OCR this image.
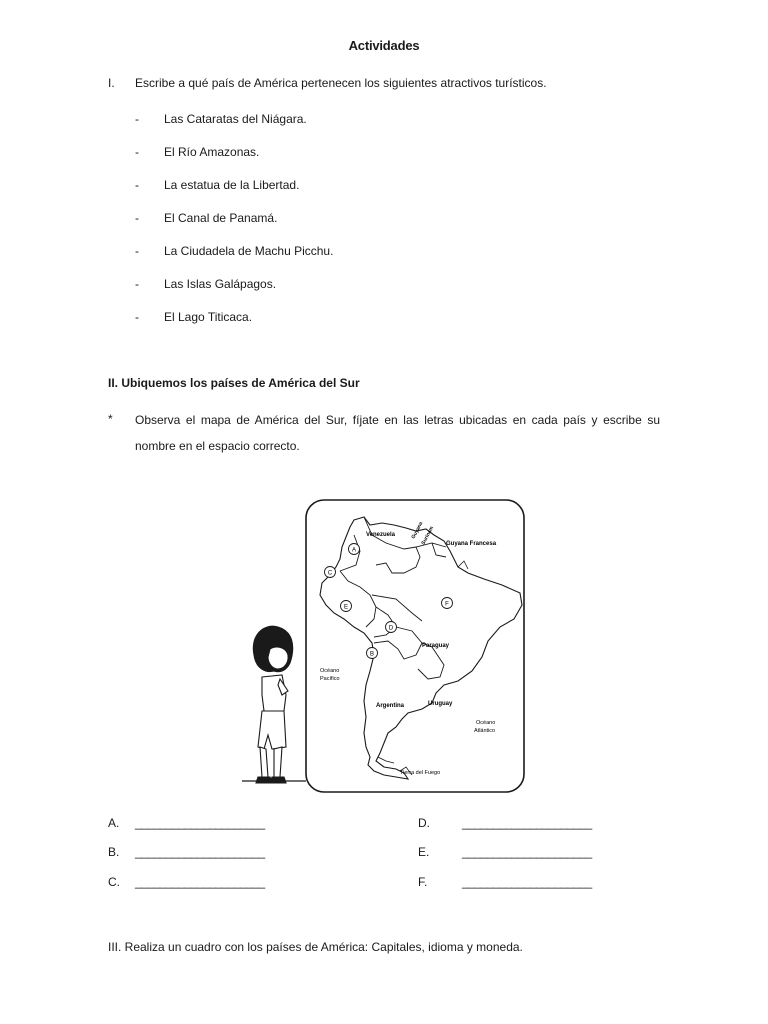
Actividades
I. Escribe a qué país de América pertenecen los siguientes atractivos turísticos.
- Las Cataratas del Niágara.
- El Río Amazonas.
- La estatua de la Libertad.
- El Canal de Panamá.
- La Ciudadela de Machu Picchu.
- Las Islas Galápagos.
- El Lago Titicaca.
II. Ubiquemos los países de América del Sur
* Observa el mapa de América del Sur, fíjate en las letras ubicadas en cada país y escribe su
nombre en el espacio correcto.
Venezuela	Guyana
Surinam Guyana Francesa
Paraguay
Uruguay
Argentina
Océano
Pacífico
Océano
Atlántico
Tierra del Fuego
A
B
C
D
E	F
A. _____________________
B. _____________________
C. _____________________
D.	_____________________
E.	_____________________
F.	_____________________
III. Realiza un cuadro con los países de América: Capitales, idioma y moneda.
